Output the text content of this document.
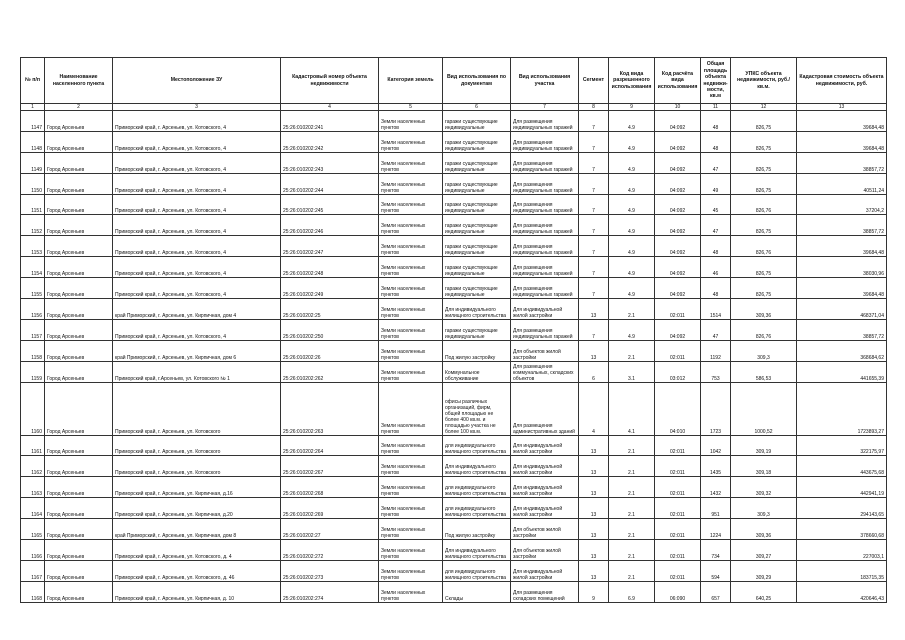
№ п/п	Наименование населенного пункта	Местоположение ЗУ	Кадастровый номер объекта недвижимости	Категория земель	Вид использования по документам	Вид использования участка	Сегмент	Код вида разрешенного использования	Код расчёта вида использования	Общая площадь объекта недвижи-мости, кв.м	УПКС объекта недвижимости, руб./кв.м.	Кадастровая стоимость объекта недвижимости, руб.
1	2	3	4	5	6	7	8	9	10	11	12	13
1147	Город Арсеньев	Приморский край, г. Арсеньев, ул. Котовского, 4	25:26:010202:241	Земли населенных пунктов	гаражи существующие индивидуальные	Для размещения индивидуальных гаражей	7	4.9	04:092	48	826,75	39684,48
1148	Город Арсеньев	Приморский край, г. Арсеньев, ул. Котовского, 4	25:26:010202:242	Земли населенных пунктов	гаражи существующие индивидуальные	Для размещения индивидуальных гаражей	7	4.9	04:092	48	826,75	39684,48
1149	Город Арсеньев	Приморский край, г. Арсеньев, ул. Котовского, 4	25:26:010202:243	Земли населенных пунктов	гаражи существующие индивидуальные	Для размещения индивидуальных гаражей	7	4.9	04:092	47	826,75	38857,72
1150	Город Арсеньев	Приморский край, г. Арсеньев, ул. Котовского, 4	25:26:010202:244	Земли населенных пунктов	гаражи существующие индивидуальные	Для размещения индивидуальных гаражей	7	4.9	04:092	49	826,75	40511,24
1151	Город Арсеньев	Приморский край, г. Арсеньев, ул. Котовского, 4	25:26:010202:245	Земли населенных пунктов	гаражи существующие индивидуальные	Для размещения индивидуальных гаражей	7	4.9	04:092	45	826,76	37204,2
1152	Город Арсеньев	Приморский край, г. Арсеньев, ул. Котовского, 4	25:26:010202:246	Земли населенных пунктов	гаражи существующие индивидуальные	Для размещения индивидуальных гаражей	7	4.9	04:092	47	826,75	38857,72
1153	Город Арсеньев	Приморский край, г. Арсеньев, ул. Котовского, 4	25:26:010202:247	Земли населенных пунктов	гаражи существующие индивидуальные	Для размещения индивидуальных гаражей	7	4.9	04:092	48	826,76	39684,48
1154	Город Арсеньев	Приморский край, г. Арсеньев, ул. Котовского, 4	25:26:010202:248	Земли населенных пунктов	гаражи существующие индивидуальные	Для размещения индивидуальных гаражей	7	4.9	04:092	46	826,75	38030,96
1155	Город Арсеньев	Приморский край, г. Арсеньев, ул. Котовского, 4	25:26:010202:249	Земли населенных пунктов	гаражи существующие индивидуальные	Для размещения индивидуальных гаражей	7	4.9	04:092	48	826,75	39684,48
1156	Город Арсеньев	край Приморский, г. Арсеньев, ул. Кирпичная, дом 4	25:26:010202:25	Земли населенных пунктов	Для индивидуального жилищного строительства	Для индивидуальной жилой застройки	13	2.1	02:011	1514	309,36	468371,04
1157	Город Арсеньев	Приморский край, г. Арсеньев, ул. Котовского, 4	25:26:010202:250	Земли населенных пунктов	гаражи существующие индивидуальные	Для размещения индивидуальных гаражей	7	4.9	04:092	47	826,76	38857,72
1158	Город Арсеньев	край Приморский, г. Арсеньев, ул. Кирпичная, дом 6	25:26:010202:26	Земли населенных пунктов	Под жилую застройку	Для объектов жилой застройки	13	2.1	02:011	1192	309,3	368684,62
1159	Город Арсеньев	Приморский край, г.Арсеньев, ул. Котовского № 1	25:26:010202:262	Земли населенных пунктов	Коммунальное обслуживание	Для размещения коммунальных, складских объектов	6	3.1	03:012	753	586,53	441655,39
1160	Город Арсеньев	Приморский край, г. Арсеньев, ул. Котовского	25:26:010202:263	Земли населенных пунктов	офисы различных организаций, фирм, общей площадью не более 400 кв.м. и площадью участка не более 100 кв.м.	Для размещения административных зданий	4	4.1	04:010	1723	1000,52	1723893,27
1161	Город Арсеньев	Приморский край, г. Арсеньев, ул. Котовского	25:26:010202:264	Земли населенных пунктов	для индивидуального жилищного строительства	Для индивидуальной жилой застройки	13	2.1	02:011	1042	309,19	322175,97
1162	Город Арсеньев	Приморский край, г. Арсеньев, ул. Котовского	25:26:010202:267	Земли населенных пунктов	Для индивидуального жилищного строительства	Для индивидуальной жилой застройки	13	2.1	02:011	1435	309,18	443675,68
1163	Город Арсеньев	Приморский край, г. Арсеньев, ул. Кирпичная, д.16	25:26:010202:268	Земли населенных пунктов	для индивидуального жилищного строительства	Для индивидуальной жилой застройки	13	2.1	02:011	1432	309,32	442941,19
1164	Город Арсеньев	Приморский край, г. Арсеньев, ул. Кирпичная, д.20	25:26:010202:269	Земли населенных пунктов	для индивидуального жилищного строительства	Для индивидуальной жилой застройки	13	2.1	02:011	951	309,3	294143,65
1165	Город Арсеньев	край Приморский, г. Арсеньев, ул. Кирпичная, дом 8	25:26:010202:27	Земли населенных пунктов	Под жилую застройку	Для объектов жилой застройки	13	2.1	02:011	1224	309,36	378660,68
1166	Город Арсеньев	Приморский край, г. Арсеньев, ул. Котовского, д. 4	25:26:010202:272	Земли населенных пунктов	Для индивидуального жилищного строительства	Для объектов жилой застройки	13	2.1	02:011	734	309,27	227003,1
1167	Город Арсеньев	Приморский край, г. Арсеньев, ул. Котовского, д. 46	25:26:010202:273	Земли населенных пунктов	для индивидуального жилищного строительства	Для индивидуальной жилой застройки	13	2.1	02:011	594	309,29	183715,35
1168	Город Арсеньев	Приморский край, г. Арсеньев, ул. Кирпичная, д. 10	25:26:010202:274	Земли населенных пунктов	Склады	Для размещения складских помещений	9	6.9	06:090	657	640,25	420646,43
